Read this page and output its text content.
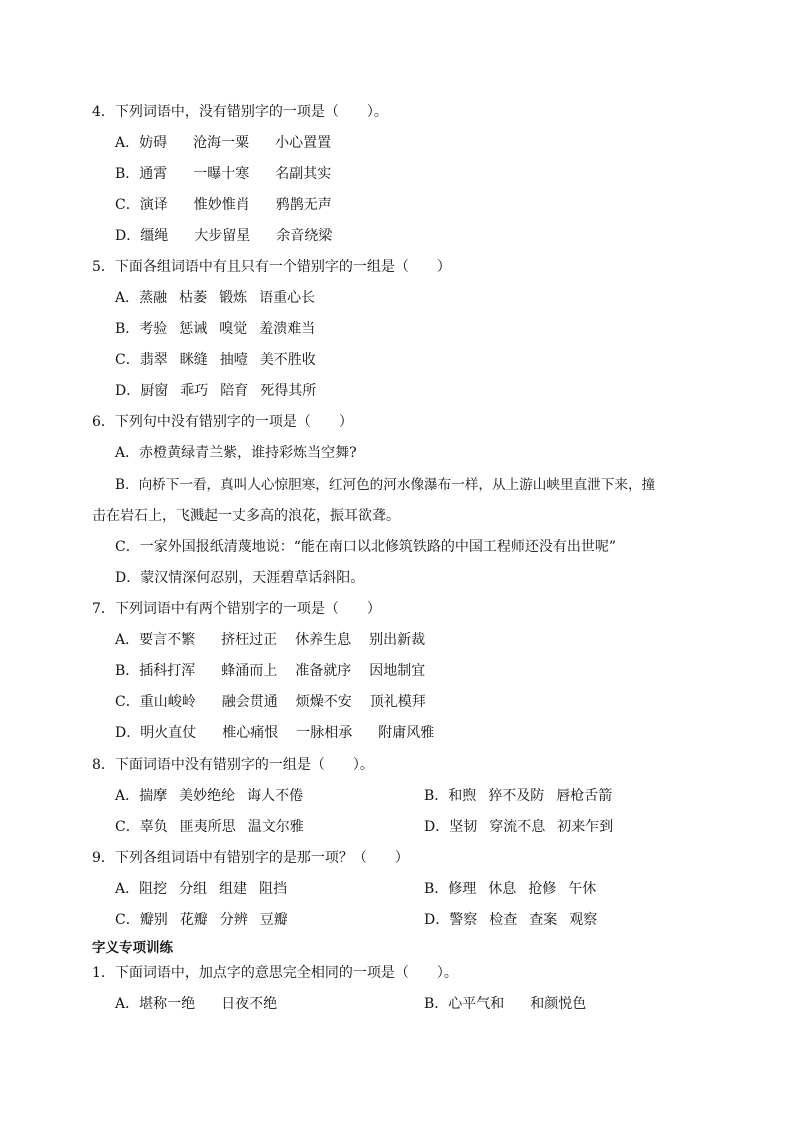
4．下列词语中，没有错别字的一项是（　　）。
A．妨碍 沧海一粟 小心置置
B．通霄 一曝十寒 名副其实
C．演译 惟妙惟肖 鸦鹊无声
D．缰绳 大步留星 余音绕梁
5．下面各组词语中有且只有一个错别字的一组是（　　）
A．蒸融 枯萎 锻炼 语重心长
B．考验 惩诫 嗅觉 羞溃难当
C．翡翠 眯缝 抽噎 美不胜收
D．厨窗 乖巧 陪育 死得其所
6．下列句中没有错别字的一项是（　　）
A．赤橙黄绿青兰紫，谁持彩炼当空舞?
B．向桥下一看，真叫人心惊胆寒，红河色的河水像瀑布一样，从上游山峡里直泄下来，撞
击在岩石上，飞溅起一丈多高的浪花，振耳欲聋。
C．一家外国报纸清蔑地说：“能在南口以北修筑铁路的中国工程师还没有出世呢”
D．蒙汉情深何忍别，天涯碧草话斜阳。
7．下列词语中有两个错别字的一项是（　　）
A．要言不繁 挤枉过正 休养生息 别出新裁
B．插科打浑 蜂涌而上 准备就序 因地制宜
C．重山峻岭 融会贯通 烦燥不安 顶礼模拜
D．明火直仗 椎心痛恨 一脉相承 附庸风雅
8．下面词语中没有错别字的一组是（　　）。
A．揣摩 美妙绝纶 诲人不倦	B．和煦 猝不及防 唇枪舌箭
C．辜负 匪夷所思 温文尔雅	D．坚韧 穿流不息 初来乍到
9．下列各组词语中有错别字的是那一项？（　　）
A．阻挖 分组 组建 阻挡	B．修理 休息 抢修 午休
C．瓣别 花瓣 分辨 豆瓣	D．警察 检查 查案 观察
字义专项训练
1．下面词语中，加点字的意思完全相同的一项是（　　）。
A．堪称一绝 日夜不绝	B．心平气和 和颜悦色
